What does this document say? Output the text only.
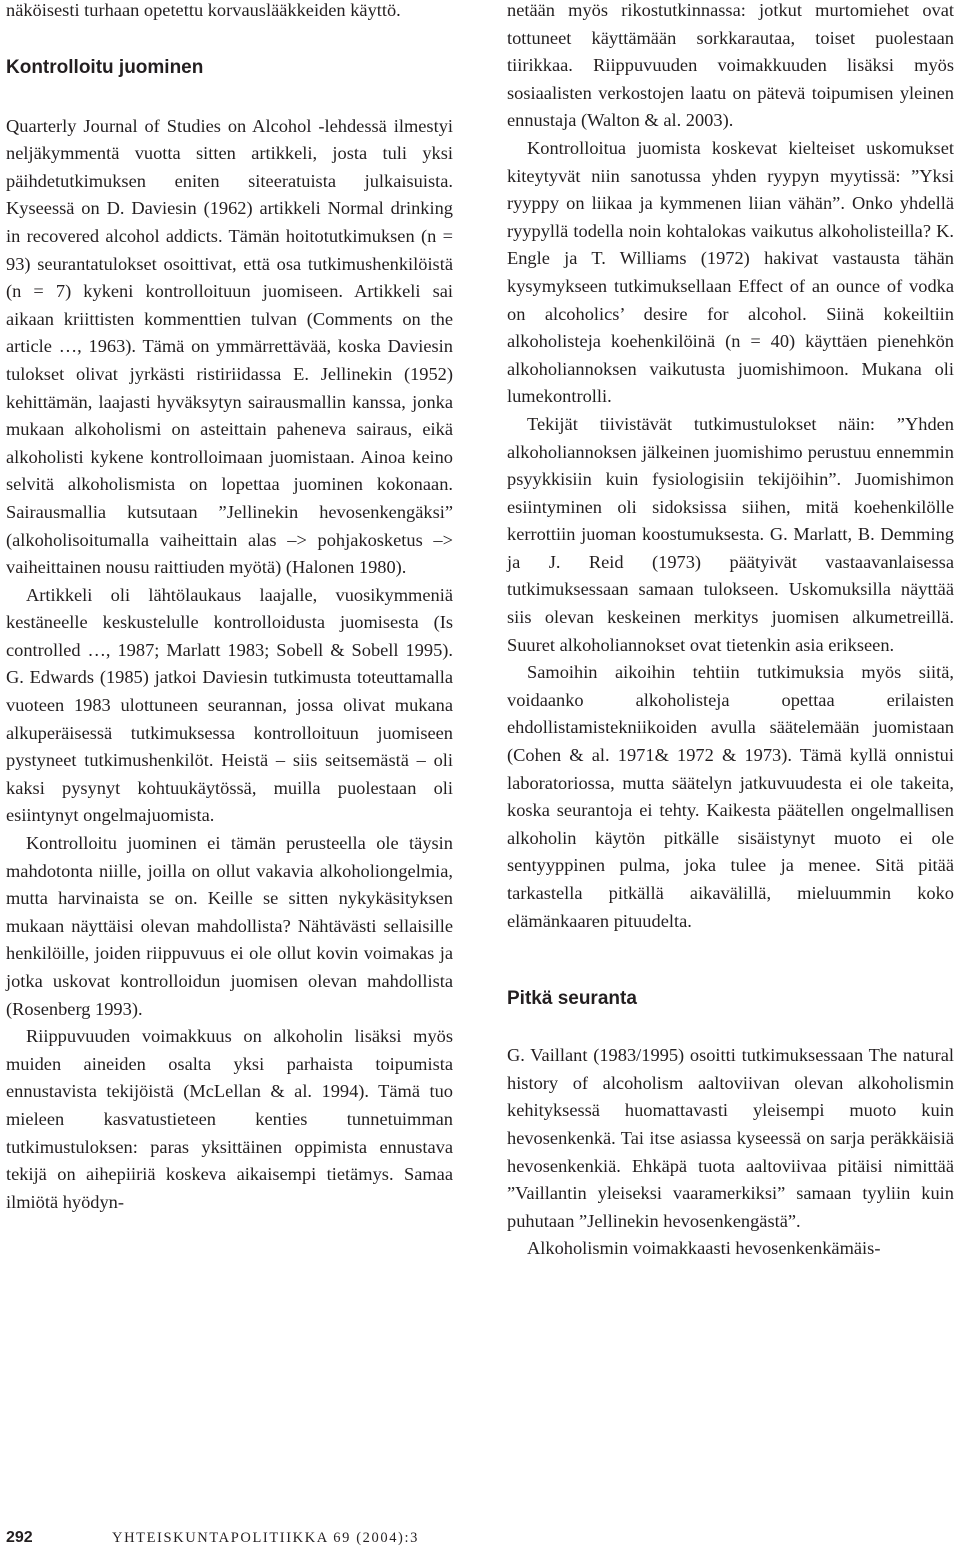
näköisesti turhaan opetettu korvauslääkkeiden käyttö.

Kontrolloitu juominen

Quarterly Journal of Studies on Alcohol -lehdessä ilmestyi neljäkymmentä vuotta sitten artikkeli, josta tuli yksi päihdetutkimuksen eniten siteeratuista julkaisuista. Kyseessä on D. Daviesin (1962) artikkeli Normal drinking in recovered alcohol addicts. Tämän hoitotutkimuksen (n = 93) seurantatulokset osoittivat, että osa tutkimushenkilöistä (n = 7) kykeni kontrolloituun juomiseen. Artikkeli sai aikaan kriittisten kommenttien tulvan (Comments on the article …, 1963). Tämä on ymmärrettävää, koska Daviesin tulokset olivat jyrkästi ristiriidassa E. Jellinekin (1952) kehittämän, laajasti hyväksytyn sairausmallin kanssa, jonka mukaan alkoholismi on asteittain paheneva sairaus, eikä alkoholisti kykene kontrolloimaan juomistaan. Ainoa keino selvitä alkoholismista on lopettaa juominen kokonaan. Sairausmallia kutsutaan ”Jellinekin hevosenkengäksi” (alkoholisoitumalla vaiheittain alas –> pohjakosketus –> vaiheittainen nousu raittiuden myötä) (Halonen 1980).

Artikkeli oli lähtölaukaus laajalle, vuosikymmeniä kestäneelle keskustelulle kontrolloidusta juomisesta (Is controlled …, 1987; Marlatt 1983; Sobell & Sobell 1995). G. Edwards (1985) jatkoi Daviesin tutkimusta toteuttamalla vuoteen 1983 ulottuneen seurannan, jossa olivat mukana alkuperäisessä tutkimuksessa kontrolloituun juomiseen pystyneet tutkimushenkilöt. Heistä – siis seitsemästä – oli kaksi pysynyt kohtuukäytössä, muilla puolestaan oli esiintynyt ongelmajuomista.

Kontrolloitu juominen ei tämän perusteella ole täysin mahdotonta niille, joilla on ollut vakavia alkoholiongelmia, mutta harvinaista se on. Keille se sitten nykykäsityksen mukaan näyttäisi olevan mahdollista? Nähtävästi sellaisille henkilöille, joiden riippuvuus ei ole ollut kovin voimakas ja jotka uskovat kontrolloidun juomisen olevan mahdollista (Rosenberg 1993).

Riippuvuuden voimakkuus on alkoholin lisäksi myös muiden aineiden osalta yksi parhaista toipumista ennustavista tekijöistä (McLellan & al. 1994). Tämä tuo mieleen kasvatustieteen kenties tunnetuimman tutkimustuloksen: paras yksittäinen oppimista ennustava tekijä on aihepiiriä koskeva aikaisempi tietämys. Samaa ilmiötä hyödyn-

netään myös rikostutkinnassa: jotkut murtomiehet ovat tottuneet käyttämään sorkkarautaa, toiset puolestaan tiirikkaa. Riippuvuuden voimakkuuden lisäksi myös sosiaalisten verkostojen laatu on pätevä toipumisen yleinen ennustaja (Walton & al. 2003).

Kontrolloitua juomista koskevat kielteiset uskomukset kiteytyvät niin sanotussa yhden ryypyn myytissä: ”Yksi ryyppy on liikaa ja kymmenen liian vähän”. Onko yhdellä ryypyllä todella noin kohtalokas vaikutus alkoholisteilla? K. Engle ja T. Williams (1972) hakivat vastausta tähän kysymykseen tutkimuksellaan Effect of an ounce of vodka on alcoholics’ desire for alcohol. Siinä kokeiltiin alkoholisteja koehenkilöinä (n = 40) käyttäen pienehkön alkoholiannoksen vaikutusta juomishimoon. Mukana oli lumekontrolli.

Tekijät tiivistävät tutkimustulokset näin: ”Yhden alkoholiannoksen jälkeinen juomishimo perustuu ennemmin psyykkisiin kuin fysiologisiin tekijöihin”. Juomishimon esiintyminen oli sidoksissa siihen, mitä koehenkilölle kerrottiin juoman koostumuksesta. G. Marlatt, B. Demming ja J. Reid (1973) päätyivät vastaavanlaisessa tutkimuksessaan samaan tulokseen. Uskomuksilla näyttää siis olevan keskeinen merkitys juomisen alkumetreillä. Suuret alkoholiannokset ovat tietenkin asia erikseen.

Samoihin aikoihin tehtiin tutkimuksia myös siitä, voidaanko alkoholisteja opettaa erilaisten ehdollistamistekniikoiden avulla säätelemään juomistaan (Cohen & al. 1971& 1972 & 1973). Tämä kyllä onnistui laboratoriossa, mutta säätelyn jatkuvuudesta ei ole takeita, koska seurantoja ei tehty. Kaikesta päätellen ongelmallisen alkoholin käytön pitkälle sisäistynyt muoto ei ole sentyyppinen pulma, joka tulee ja menee. Sitä pitää tarkastella pitkällä aikavälillä, mieluummin koko elämänkaaren pituudelta.

Pitkä seuranta

G. Vaillant (1983/1995) osoitti tutkimuksessaan The natural history of alcoholism aaltoviivan olevan alkoholismin kehityksessä huomattavasti yleisempi muoto kuin hevosenkenkä. Tai itse asiassa kyseessä on sarja peräkkäisiä hevosenkenkiä. Ehkäpä tuota aaltoviivaa pitäisi nimittää ”Vaillantin yleiseksi vaaramerkiksi” samaan tyyliin kuin puhutaan ”Jellinekin hevosenkengästä”.

Alkoholismin voimakkaasti hevosenkenkämäis-

292	YHTEISKUNTAPOLITIIKKA 69 (2004):3
